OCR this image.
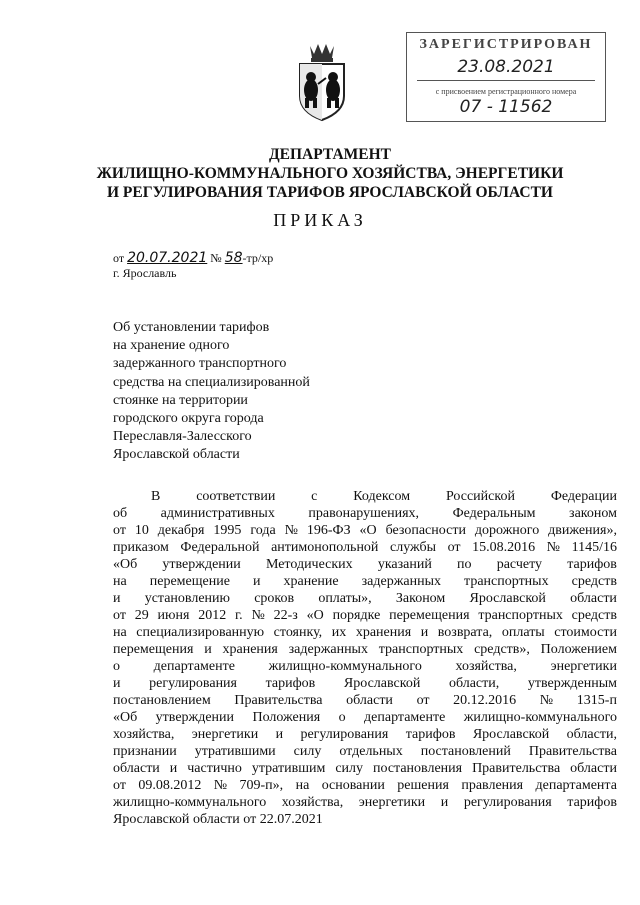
ЗАРЕГИСТРИРОВАН
23.08.2021
с присвоением регистрационного номера
07 - 11562
ДЕПАРТАМЕНТ
ЖИЛИЩНО-КОММУНАЛЬНОГО ХОЗЯЙСТВА, ЭНЕРГЕТИКИ
И РЕГУЛИРОВАНИЯ ТАРИФОВ ЯРОСЛАВСКОЙ ОБЛАСТИ
ПРИКАЗ
от 20.07.2021 № 58-тр/хр
г. Ярославль
Об установлении тарифов
на хранение одного
задержанного транспортного
средства на специализированной
стоянке на территории
городского округа города
Переславля-Залесского
Ярославской области
В	соответствии	с	Кодексом	Российской	Федерации
об административных правонарушениях, Федеральным законом
от 10 декабря 1995 года № 196-ФЗ «О безопасности дорожного движения»,
приказом Федеральной антимонопольной службы от 15.08.2016 № 1145/16
«Об утверждении Методических указаний по расчету тарифов
на перемещение и хранение задержанных транспортных средств
и установлению сроков оплаты», Законом Ярославской области
от 29 июня 2012 г. № 22-з «О порядке перемещения транспортных средств
на специализированную стоянку, их хранения и возврата, оплаты стоимости
перемещения и хранения задержанных транспортных средств», Положением
о департаменте жилищно-коммунального хозяйства, энергетики
и регулирования тарифов Ярославской области, утвержденным
постановлением Правительства области от 20.12.2016 № 1315-п
«Об утверждении Положения о департаменте жилищно-коммунального
хозяйства, энергетики и регулирования тарифов Ярославской области,
признании утратившими силу отдельных постановлений Правительства
области и частично утратившим силу постановления Правительства области
от 09.08.2012 № 709-п», на основании решения правления департамента
жилищно-коммунального хозяйства, энергетики и регулирования тарифов
Ярославской области от 22.07.2021
